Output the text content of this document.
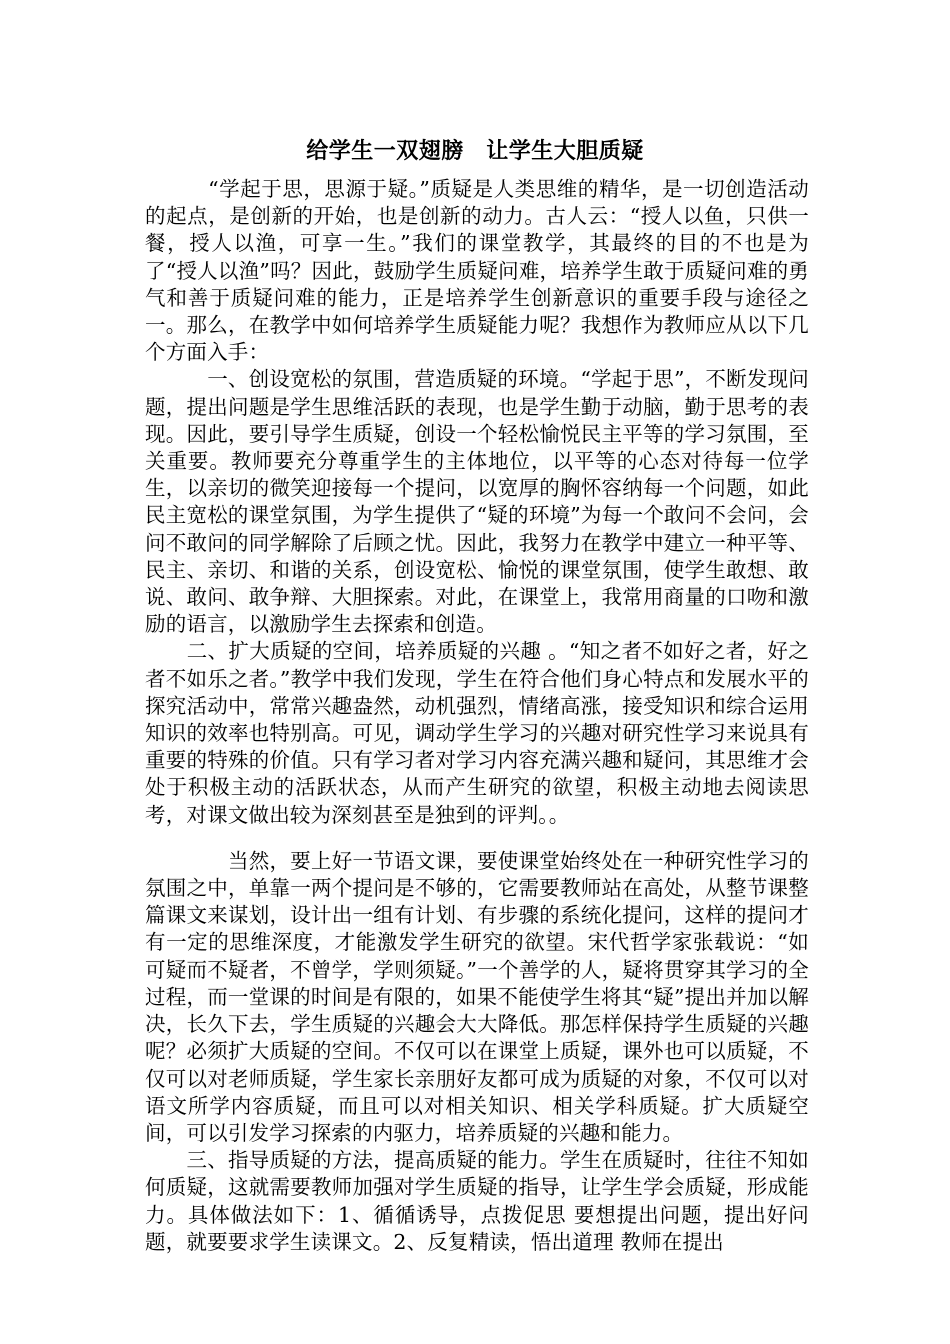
给学生一双翅膀　让学生大胆质疑

　　　“学起于思，思源于疑。”质疑是人类思维的精华，是一切创造活动的起点，是创新的开始，也是创新的动力。古人云：“授人以鱼，只供一餐，授人以渔，可享一生。”我们的课堂教学，其最终的目的不也是为了“授人以渔”吗？因此，鼓励学生质疑问难，培养学生敢于质疑问难的勇气和善于质疑问难的能力，正是培养学生创新意识的重要手段与途径之一。那么，在教学中如何培养学生质疑能力呢？我想作为教师应从以下几个方面入手：

　　　一、创设宽松的氛围，营造质疑的环境。“学起于思”，不断发现问题，提出问题是学生思维活跃的表现，也是学生勤于动脑，勤于思考的表现。因此，要引导学生质疑，创设一个轻松愉悦民主平等的学习氛围，至关重要。教师要充分尊重学生的主体地位，以平等的心态对待每一位学生，以亲切的微笑迎接每一个提问，以宽厚的胸怀容纳每一个问题，如此民主宽松的课堂氛围，为学生提供了“疑的环境”为每一个敢问不会问，会问不敢问的同学解除了后顾之忧。因此，我努力在教学中建立一种平等、民主、亲切、和谐的关系，创设宽松、愉悦的课堂氛围，使学生敢想、敢说、敢问、敢争辩、大胆探索。对此，在课堂上，我常用商量的口吻和激励的语言，以激励学生去探索和创造。

　　二、扩大质疑的空间，培养质疑的兴趣 。“知之者不如好之者，好之者不如乐之者。”教学中我们发现，学生在符合他们身心特点和发展水平的探究活动中，常常兴趣盎然，动机强烈，情绪高涨，接受知识和综合运用知识的效率也特别高。可见，调动学生学习的兴趣对研究性学习来说具有重要的特殊的价值。只有学习者对学习内容充满兴趣和疑问，其思维才会处于积极主动的活跃状态，从而产生研究的欲望，积极主动地去阅读思考，对课文做出较为深刻甚至是独到的评判。。

　　　　当然，要上好一节语文课，要使课堂始终处在一种研究性学习的氛围之中，单靠一两个提问是不够的，它需要教师站在高处，从整节课整篇课文来谋划，设计出一组有计划、有步骤的系统化提问，这样的提问才有一定的思维深度，才能激发学生研究的欲望。宋代哲学家张载说：“如可疑而不疑者，不曾学，学则须疑。”一个善学的人，疑将贯穿其学习的全过程，而一堂课的时间是有限的，如果不能使学生将其“疑”提出并加以解决，长久下去，学生质疑的兴趣会大大降低。那怎样保持学生质疑的兴趣呢？必须扩大质疑的空间。不仅可以在课堂上质疑，课外也可以质疑，不仅可以对老师质疑，学生家长亲朋好友都可成为质疑的对象，不仅可以对语文所学内容质疑，而且可以对相关知识、相关学科质疑。扩大质疑空间，可以引发学习探索的内驱力，培养质疑的兴趣和能力。

　　三、指导质疑的方法，提高质疑的能力。学生在质疑时，往往不知如何质疑，这就需要教师加强对学生质疑的指导，让学生学会质疑，形成能力。具体做法如下：1、循循诱导，点拨促思 要想提出问题，提出好问题，就要要求学生读课文。2、反复精读，悟出道理 教师在提出
